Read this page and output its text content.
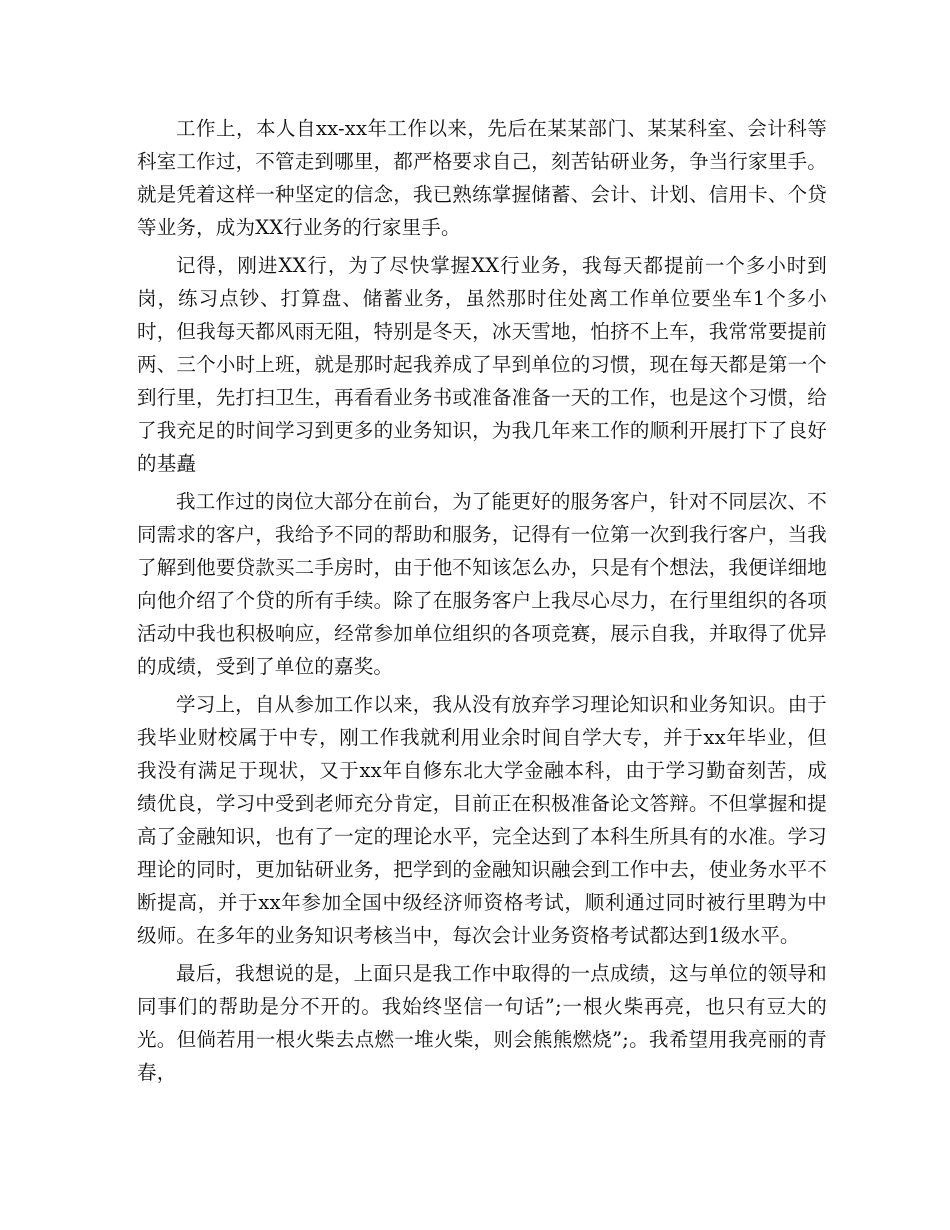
工作上，本人自xx-xx年工作以来，先后在某某部门、某某科室、会计科等科室工作过，不管走到哪里，都严格要求自己，刻苦钻研业务，争当行家里手。就是凭着这样一种坚定的信念，我已熟练掌握储蓄、会计、计划、信用卡、个贷等业务，成为XX行业务的行家里手。

记得，刚进XX行，为了尽快掌握XX行业务，我每天都提前一个多小时到岗，练习点钞、打算盘、储蓄业务，虽然那时住处离工作单位要坐车1个多小时，但我每天都风雨无阻，特别是冬天，冰天雪地，怕挤不上车，我常常要提前两、三个小时上班，就是那时起我养成了早到单位的习惯，现在每天都是第一个到行里，先打扫卫生，再看看业务书或准备准备一天的工作，也是这个习惯，给了我充足的时间学习到更多的业务知识，为我几年来工作的顺利开展打下了良好的基矗

我工作过的岗位大部分在前台，为了能更好的服务客户，针对不同层次、不同需求的客户，我给予不同的帮助和服务，记得有一位第一次到我行客户，当我了解到他要贷款买二手房时，由于他不知该怎么办，只是有个想法，我便详细地向他介绍了个贷的所有手续。除了在服务客户上我尽心尽力，在行里组织的各项活动中我也积极响应，经常参加单位组织的各项竞赛，展示自我，并取得了优异的成绩，受到了单位的嘉奖。

学习上，自从参加工作以来，我从没有放弃学习理论知识和业务知识。由于我毕业财校属于中专，刚工作我就利用业余时间自学大专，并于xx年毕业，但我没有满足于现状，又于xx年自修东北大学金融本科，由于学习勤奋刻苦，成绩优良，学习中受到老师充分肯定，目前正在积极准备论文答辩。不但掌握和提高了金融知识，也有了一定的理论水平，完全达到了本科生所具有的水准。学习理论的同时，更加钻研业务，把学到的金融知识融会到工作中去，使业务水平不断提高，并于xx年参加全国中级经济师资格考试，顺利通过同时被行里聘为中级师。在多年的业务知识考核当中，每次会计业务资格考试都达到1级水平。

最后，我想说的是，上面只是我工作中取得的一点成绩，这与单位的领导和同事们的帮助是分不开的。我始终坚信一句话”;一根火柴再亮，也只有豆大的光。但倘若用一根火柴去点燃一堆火柴，则会熊熊燃烧”;。我希望用我亮丽的青春，
